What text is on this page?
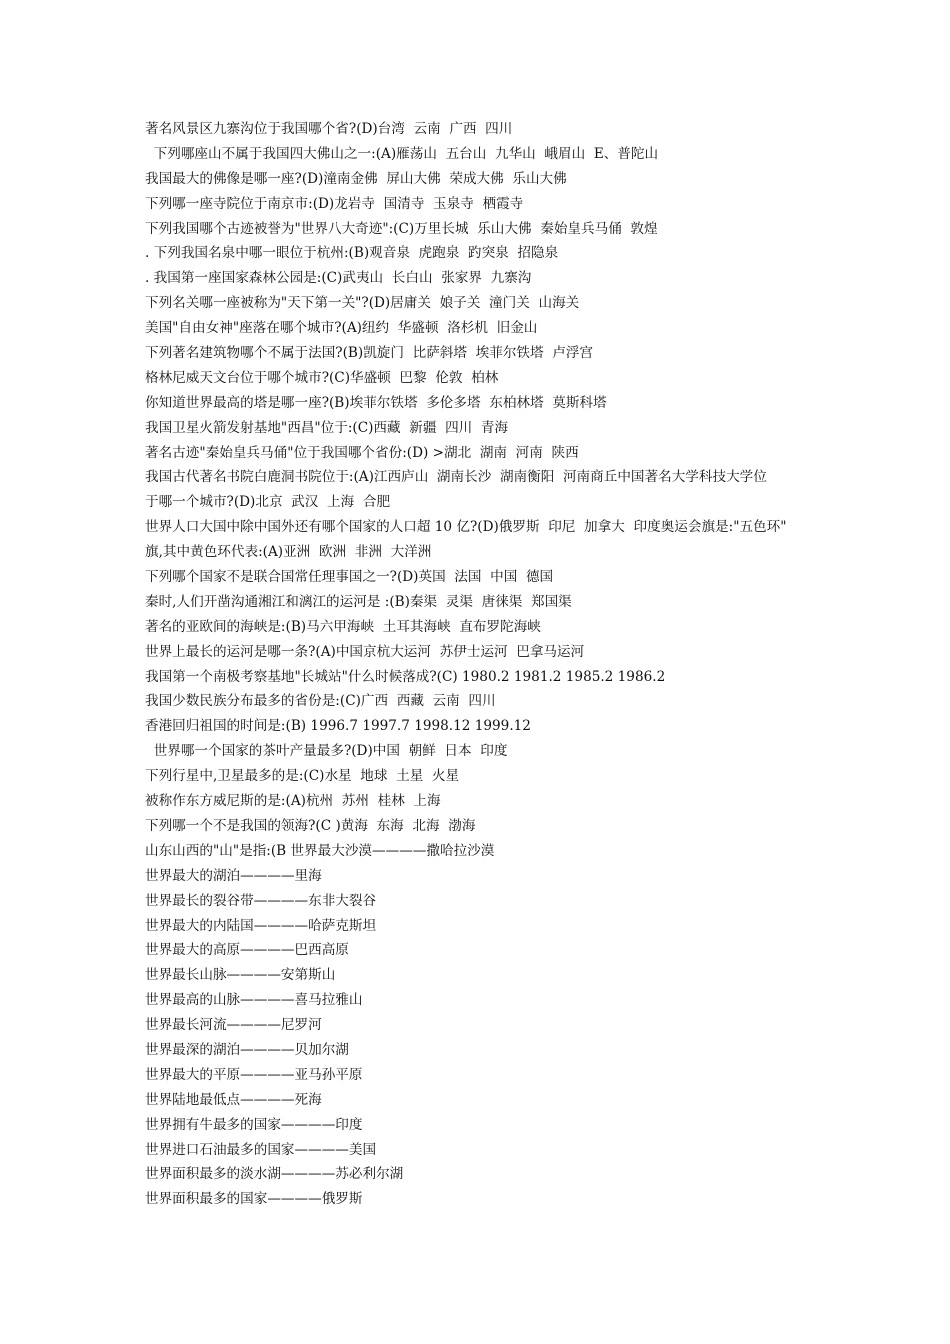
著名风景区九寨沟位于我国哪个省?(D)台湾  云南  广西  四川
下列哪座山不属于我国四大佛山之一:(A)雁荡山  五台山  九华山  峨眉山  E、普陀山
我国最大的佛像是哪一座?(D)潼南金佛  屏山大佛  荣成大佛  乐山大佛
下列哪一座寺院位于南京市:(D)龙岩寺  国清寺  玉泉寺  栖霞寺
下列我国哪个古迹被誉为"世界八大奇迹":(C)万里长城  乐山大佛  秦始皇兵马俑  敦煌
. 下列我国名泉中哪一眼位于杭州:(B)观音泉  虎跑泉  趵突泉  招隐泉
. 我国第一座国家森林公园是:(C)武夷山  长白山  张家界  九寨沟
下列名关哪一座被称为"天下第一关"?(D)居庸关  娘子关  潼门关  山海关
美国"自由女神"座落在哪个城市?(A)纽约  华盛顿  洛杉机  旧金山
下列著名建筑物哪个不属于法国?(B)凯旋门  比萨斜塔  埃菲尔铁塔  卢浮宫
格林尼威天文台位于哪个城市?(C)华盛顿  巴黎  伦敦  柏林
你知道世界最高的塔是哪一座?(B)埃菲尔铁塔  多伦多塔  东柏林塔  莫斯科塔
我国卫星火箭发射基地"西昌"位于:(C)西藏  新疆  四川  青海
著名古迹"秦始皇兵马俑"位于我国哪个省份:(D) >湖北  湖南  河南  陕西
我国古代著名书院白鹿洞书院位于:(A)江西庐山  湖南长沙  湖南衡阳  河南商丘中国著名大学科技大学位
于哪一个城市?(D)北京  武汉  上海  合肥
世界人口大国中除中国外还有哪个国家的人口超 10 亿?(D)俄罗斯  印尼  加拿大  印度奥运会旗是:"五色环"
旗,其中黄色环代表:(A)亚洲  欧洲  非洲  大洋洲
下列哪个国家不是联合国常任理事国之一?(D)英国  法国  中国  德国
秦时,人们开凿沟通湘江和漓江的运河是 :(B)秦渠  灵渠  唐徕渠  郑国渠
著名的亚欧间的海峡是:(B)马六甲海峡  土耳其海峡  直布罗陀海峡
世界上最长的运河是哪一条?(A)中国京杭大运河  苏伊士运河  巴拿马运河
我国第一个南极考察基地"长城站"什么时候落成?(C) 1980.2 1981.2 1985.2 1986.2
我国少数民族分布最多的省份是:(C)广西  西藏  云南  四川
香港回归祖国的时间是:(B) 1996.7 1997.7 1998.12 1999.12
世界哪一个国家的茶叶产量最多?(D)中国  朝鲜  日本  印度
下列行星中,卫星最多的是:(C)水星  地球  土星  火星
被称作东方威尼斯的是:(A)杭州  苏州  桂林  上海
下列哪一个不是我国的领海?(C )黄海  东海  北海  渤海
山东山西的"山"是指:(B 世界最大沙漠————撒哈拉沙漠
世界最大的湖泊————里海
世界最长的裂谷带————东非大裂谷
世界最大的内陆国————哈萨克斯坦
世界最大的高原————巴西高原
世界最长山脉————安第斯山
世界最高的山脉————喜马拉雅山
世界最长河流————尼罗河
世界最深的湖泊————贝加尔湖
世界最大的平原————亚马孙平原
世界陆地最低点————死海
世界拥有牛最多的国家————印度
世界进口石油最多的国家————美国
世界面积最多的淡水湖————苏必利尔湖
世界面积最多的国家————俄罗斯
